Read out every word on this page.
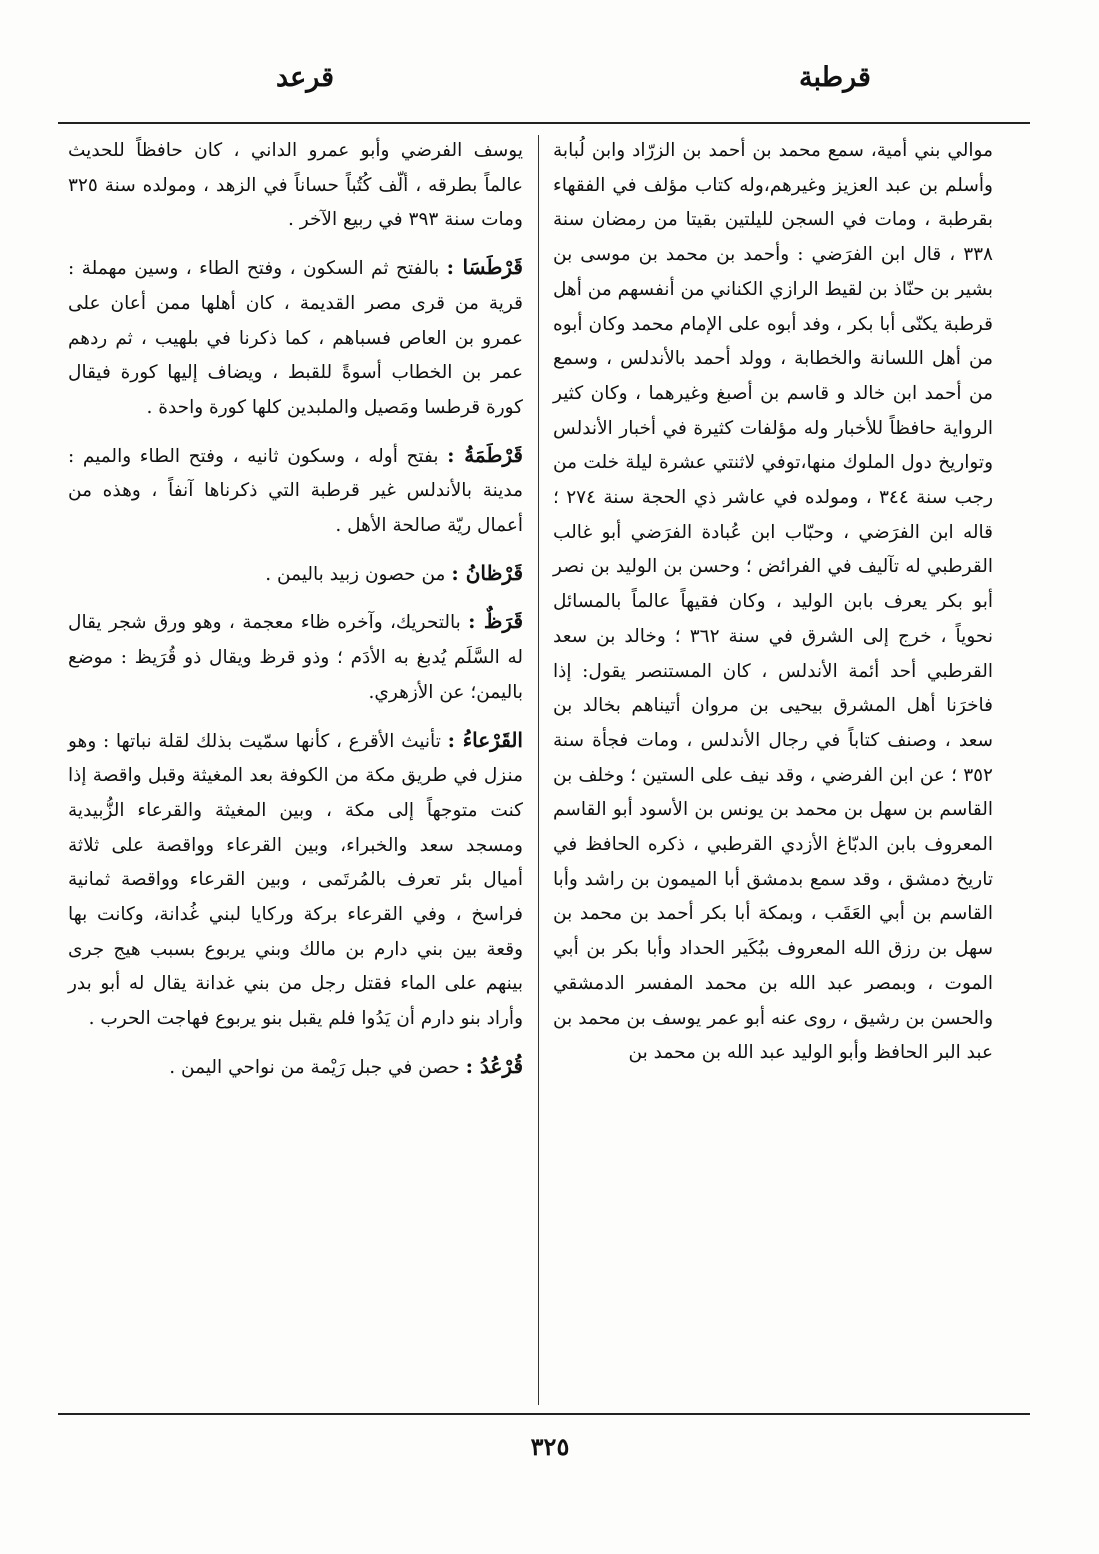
قرطبة
قرعد

موالي بني أمية، سمع محمد بن أحمد بن الزرّاد وابن لُبابة وأسلم بن عبد العزيز وغيرهم،وله كتاب مؤلف في الفقهاء بقرطبة ، ومات في السجن لليلتين بقيتا من رمضان سنة ٣٣٨ ، قال ابن الفرَضي : وأحمد بن محمد بن موسى بن بشير بن حنّاذ بن لقيط الرازي الكناني من أنفسهم من أهل قرطبة يكنّى أبا بكر ، وفد أبوه على الإمام محمد وكان أبوه من أهل اللسانة والخطابة ، وولد أحمد بالأندلس ، وسمع من أحمد ابن خالد و قاسم بن أصبغ وغيرهما ، وكان كثير الرواية حافظاً للأخبار وله مؤلفات كثيرة في أخبار الأندلس وتواريخ دول الملوك منها،توفي لاثنتي عشرة ليلة خلت من رجب سنة ٣٤٤ ، ومولده في عاشر ذي الحجة سنة ٢٧٤ ؛ قاله ابن الفرَضي ، وحبّاب ابن عُبادة الفرَضي أبو غالب القرطبي له تآليف في الفرائض ؛ وحسن بن الوليد بن نصر أبو بكر يعرف بابن الوليد ، وكان فقيهاً عالماً بالمسائل نحوياً ، خرج إلى الشرق في سنة ٣٦٢ ؛ وخالد بن سعد القرطبي أحد أئمة الأندلس ، كان المستنصر يقول: إذا فاخرَنا أهل المشرق بيحيى بن مروان أتيناهم بخالد بن سعد ، وصنف كتاباً في رجال الأندلس ، ومات فجأة سنة ٣٥٢ ؛ عن ابن الفرضي ، وقد نيف على الستين ؛ وخلف بن القاسم بن سهل بن محمد بن يونس بن الأسود أبو القاسم المعروف بابن الدبّاغ الأزدي القرطبي ، ذكره الحافظ في تاريخ دمشق ، وقد سمع بدمشق أبا الميمون بن راشد وأبا القاسم بن أبي العَقَب ، وبمكة أبا بكر أحمد بن محمد بن سهل بن رزق الله المعروف ببُكَير الحداد وأبا بكر بن أبي الموت ، وبمصر عبد الله بن محمد المفسر الدمشقي والحسن بن رشيق ، روى عنه أبو عمر يوسف بن محمد بن عبد البر الحافظ وأبو الوليد عبد الله بن محمد بن

يوسف الفرضي وأبو عمرو الداني ، كان حافظاً للحديث عالماً بطرقه ، ألّف كُتُباً حساناً في الزهد ، ومولده سنة ٣٢٥ ومات سنة ٣٩٣ في ربيع الآخر .

قَرْطَسَا : بالفتح ثم السكون ، وفتح الطاء ، وسين مهملة : قرية من قرى مصر القديمة ، كان أهلها ممن أعان على عمرو بن العاص فسباهم ، كما ذكرنا في بلهيب ، ثم ردهم عمر بن الخطاب أسوةً للقبط ، ويضاف إليها كورة فيقال كورة قرطسا ومَصيل والملبدين كلها كورة واحدة .

قَرْطَمَةُ : بفتح أوله ، وسكون ثانيه ، وفتح الطاء والميم : مدينة بالأندلس غير قرطبة التي ذكرناها آنفاً ، وهذه من أعمال ريّة صالحة الأهل .

قَرْظانُ : من حصون زبيد باليمن .

قَرَظٌ : بالتحريك، وآخره ظاء معجمة ، وهو ورق شجر يقال له السَّلَم يُدبغ به الأدَم ؛ وذو قرظ ويقال ذو قُرَيظ : موضع باليمن؛ عن الأزهري.

القَرْعاءُ : تأنيث الأقرع ، كأنها سمّيت بذلك لقلة نباتها : وهو منزل في طريق مكة من الكوفة بعد المغيثة وقبل واقصة إذا كنت متوجهاً إلى مكة ، وبين المغيثة والقرعاء الزُّبيدية ومسجد سعد والخبراء، وبين القرعاء وواقصة على ثلاثة أميال بئر تعرف بالمُرتَمى ، وبين القرعاء وواقصة ثمانية فراسخ ، وفي القرعاء بركة وركايا لبني غُدانة، وكانت بها وقعة بين بني دارم بن مالك وبني يربوع بسبب هيج جرى بينهم على الماء فقتل رجل من بني غدانة يقال له أبو بدر وأراد بنو دارم أن يَدُوا فلم يقبل بنو يربوع فهاجت الحرب .

قُرْعُدُ : حصن في جبل رَيْمة من نواحي اليمن .

٣٢٥
